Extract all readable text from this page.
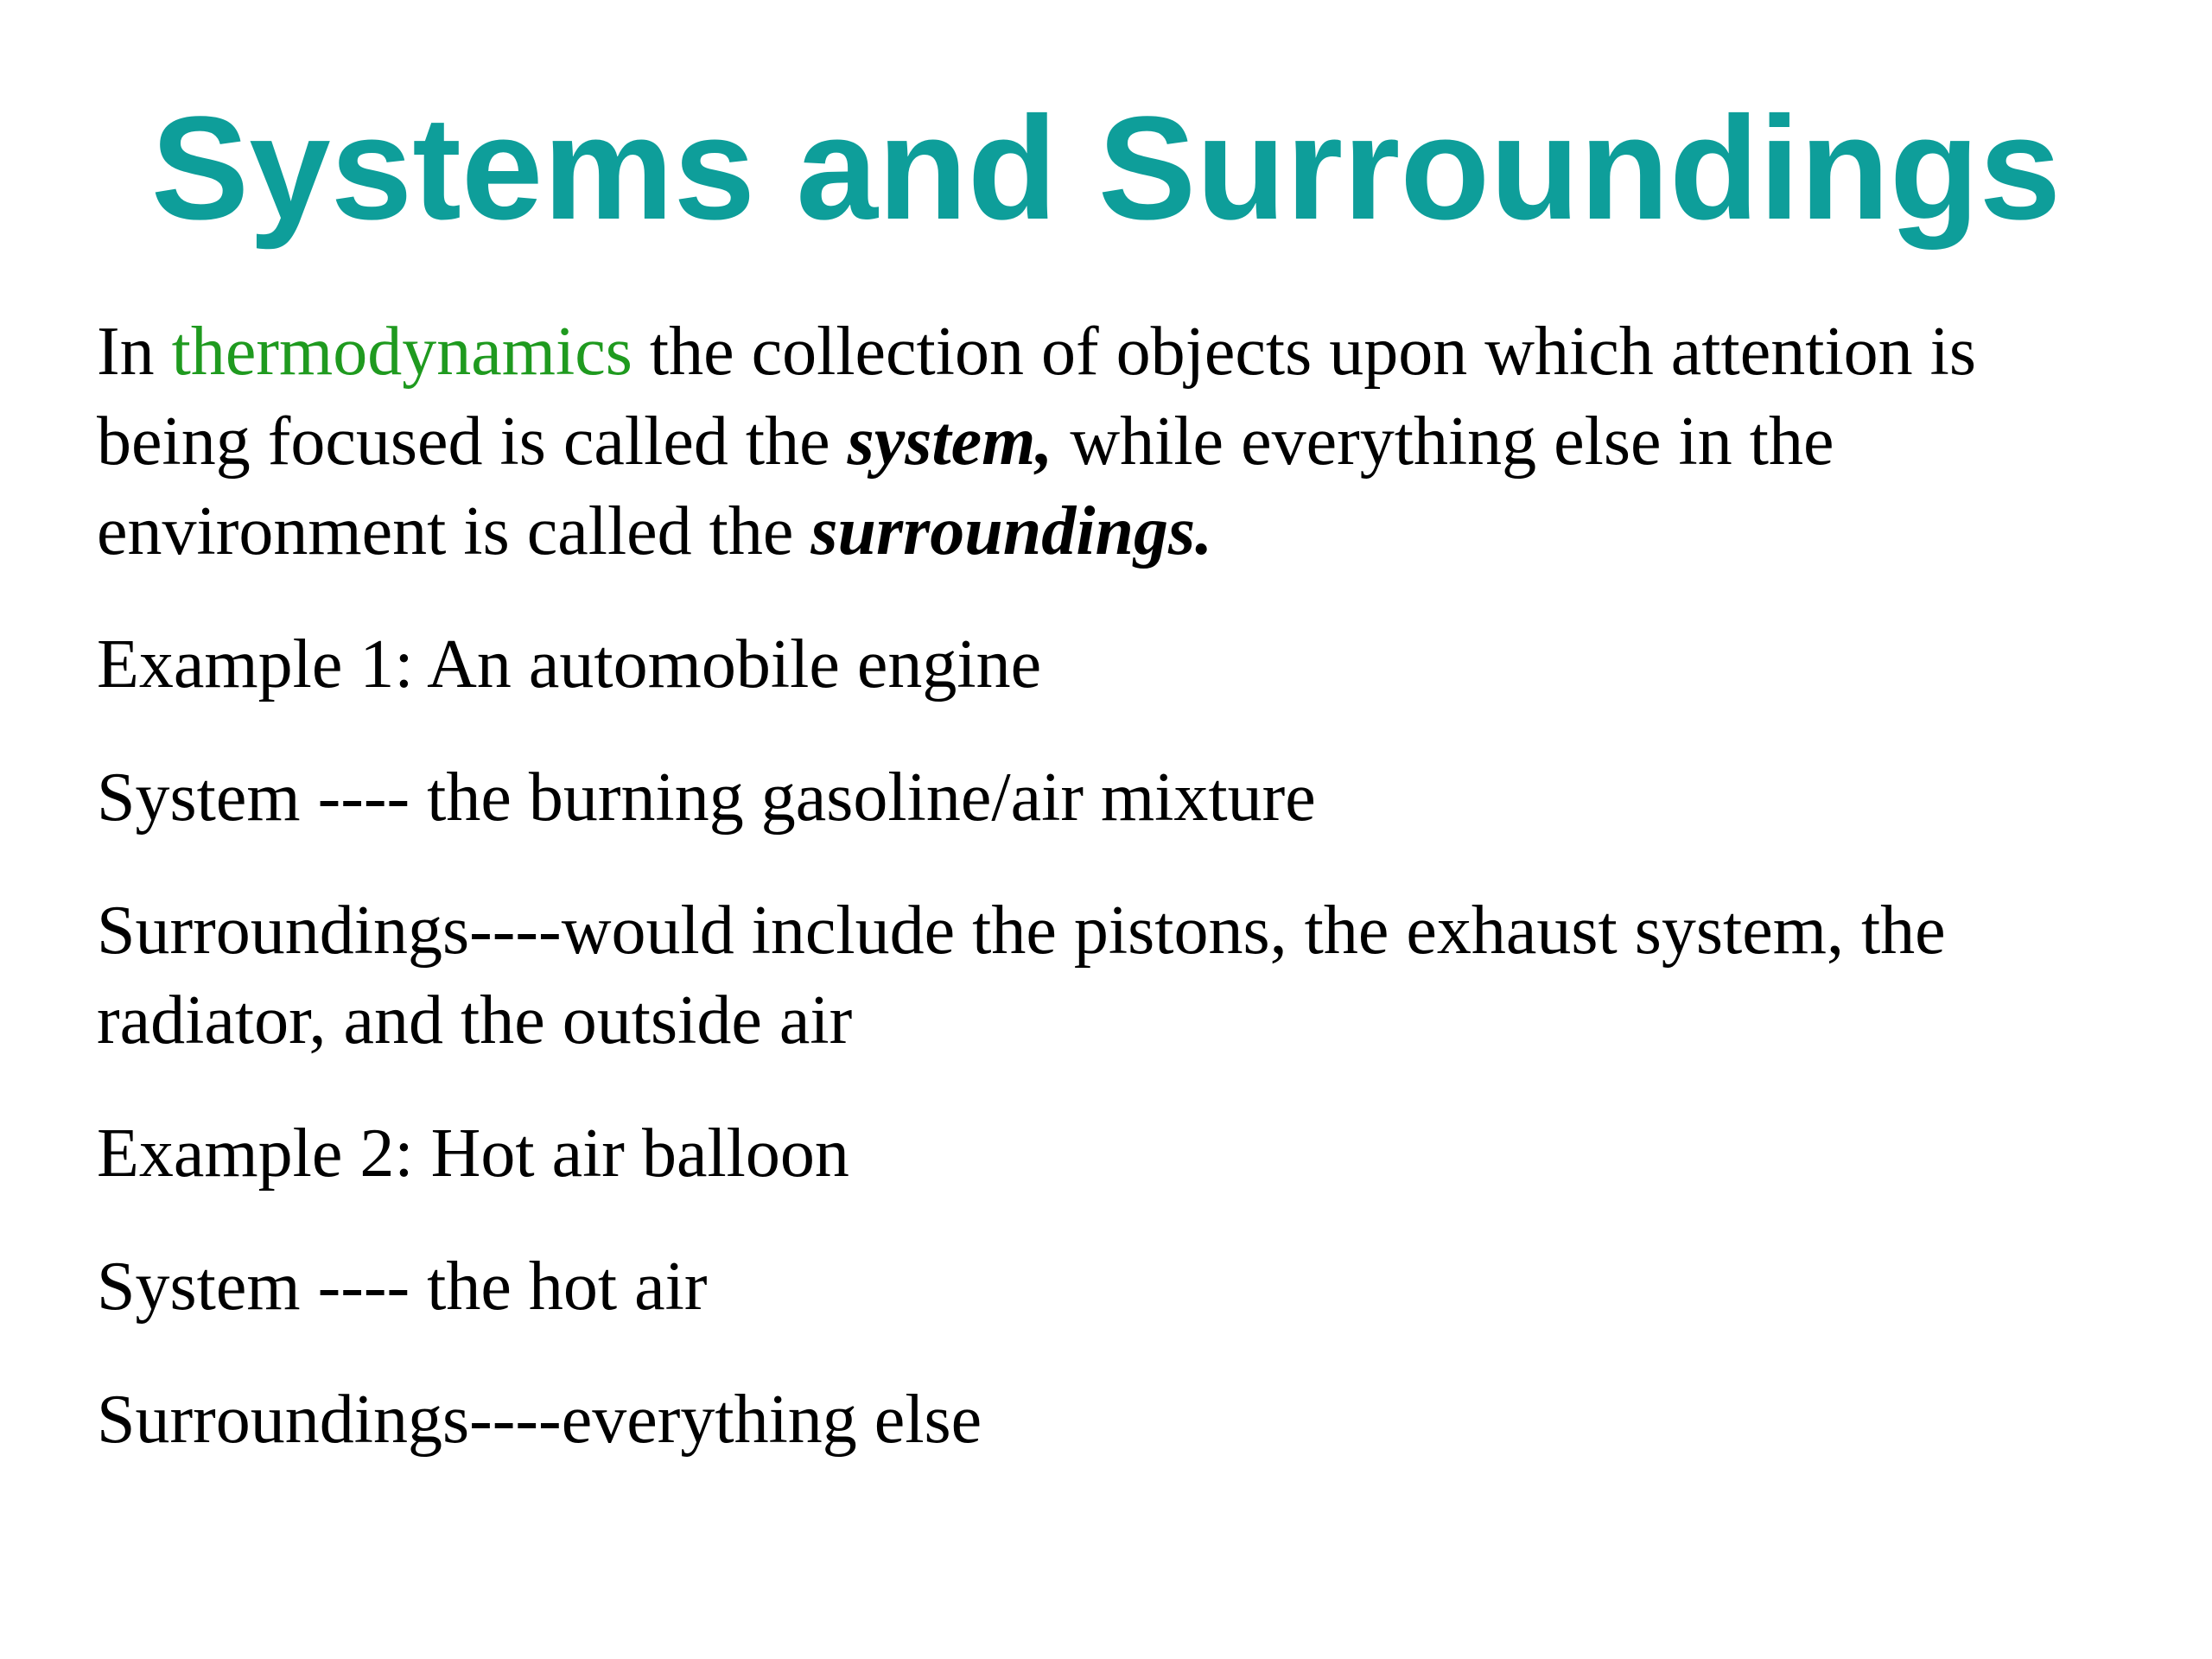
Systems and Surroundings

In thermodynamics the collection of objects upon which attention is being focused is called the system, while everything else in the environment is called the surroundings.

Example 1: An automobile engine

System ---- the burning gasoline/air mixture

Surroundings----would include the pistons, the exhaust system, the radiator, and the outside air

Example 2: Hot air balloon

System ---- the hot air

Surroundings----everything else
